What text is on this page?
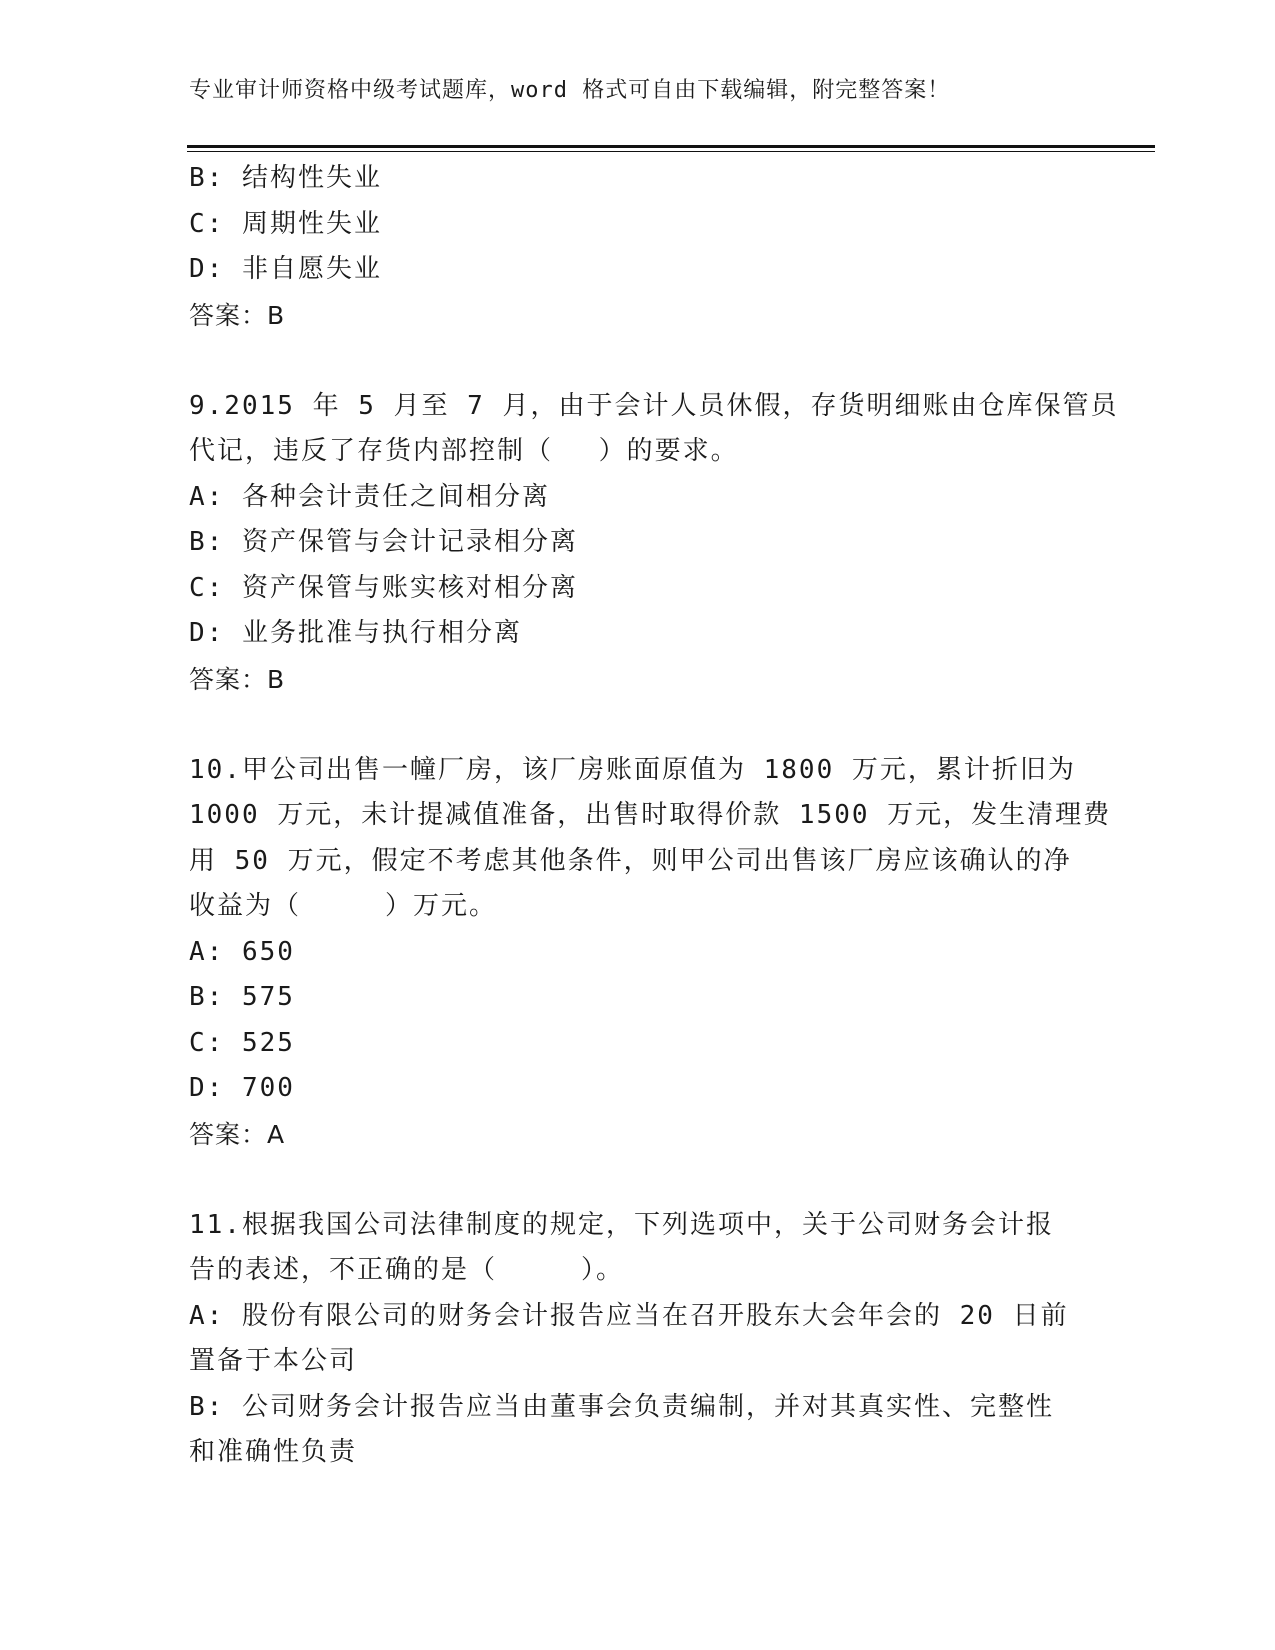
专业审计师资格中级考试题库，word 格式可自由下载编辑，附完整答案！
B: 结构性失业
C: 周期性失业
D: 非自愿失业
答案：B
9.2015 年 5 月至 7 月，由于会计人员休假，存货明细账由仓库保管员
代记，违反了存货内部控制（　 ）的要求。
A: 各种会计责任之间相分离
B: 资产保管与会计记录相分离
C: 资产保管与账实核对相分离
D: 业务批准与执行相分离
答案：B
10.甲公司出售一幢厂房，该厂房账面原值为 1800 万元，累计折旧为
1000 万元，未计提减值准备，出售时取得价款 1500 万元，发生清理费
用 50 万元，假定不考虑其他条件，则甲公司出售该厂房应该确认的净
收益为（　　　）万元。
A: 650
B: 575
C: 525
D: 700
答案：A
11.根据我国公司法律制度的规定，下列选项中，关于公司财务会计报
告的表述，不正确的是（　　　）。
A: 股份有限公司的财务会计报告应当在召开股东大会年会的 20 日前
置备于本公司
B: 公司财务会计报告应当由董事会负责编制，并对其真实性、完整性
和准确性负责
